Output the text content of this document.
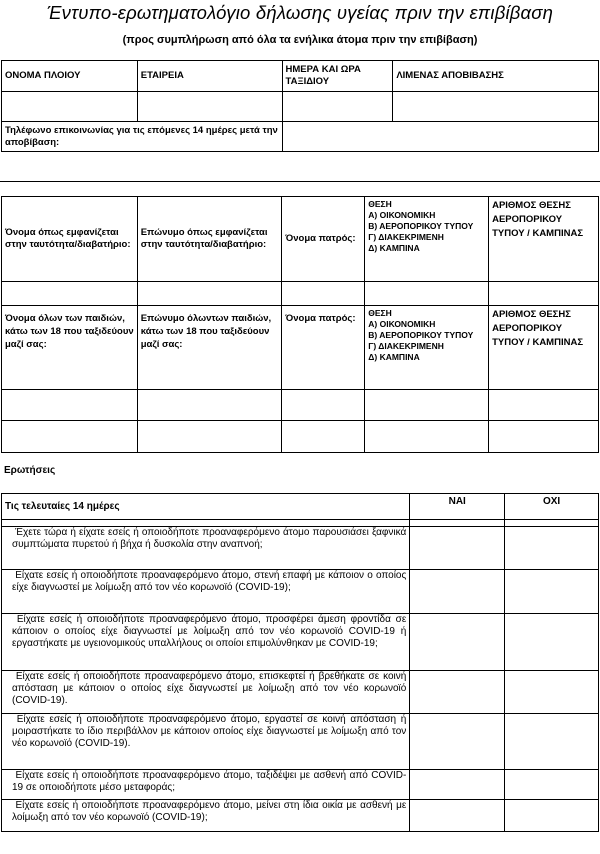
Έντυπο-ερωτηματολόγιο δήλωσης υγείας πριν την επιβίβαση
(προς συμπλήρωση από όλα τα ενήλικα άτομα πριν την επιβίβαση)
ΟΝΟΜΑ ΠΛΟΙΟΥ	ΕΤΑΙΡΕΙΑ	ΗΜΕΡΑ ΚΑΙ ΩΡΑ ΤΑΞΙΔΙΟΥ	ΛΙΜΕΝΑΣ ΑΠΟΒΙΒΑΣΗΣ

Τηλέφωνο επικοινωνίας για τις επόμενες 14 ημέρες μετά την αποβίβαση:			
Όνομα όπως εμφανίζεται στην ταυτότητα/διαβατήριο:	Επώνυμο όπως εμφανίζεται στην ταυτότητα/διαβατήριο:	Όνομα πατρός:	ΘΕΣΗ
Α) ΟΙΚΟΝΟΜΙΚΗ
Β) ΑΕΡΟΠΟΡΙΚΟΥ ΤΥΠΟΥ
Γ) ΔΙΑΚΕΚΡΙΜΕΝΗ
Δ) ΚΑΜΠΙΝΑ	ΑΡΙΘΜΟΣ ΘΕΣΗΣ ΑΕΡΟΠΟΡΙΚΟΥ ΤΥΠΟΥ / ΚΑΜΠΙΝΑΣ

Όνομα όλων των παιδιών, κάτω των 18 που ταξιδεύουν μαζί σας:	Επώνυμο όλωντων παιδιών, κάτω των 18 που ταξιδεύουν μαζί σας:	Όνομα πατρός:	ΘΕΣΗ
Α) ΟΙΚΟΝΟΜΙΚΗ
Β) ΑΕΡΟΠΟΡΙΚΟΥ ΤΥΠΟΥ
Γ) ΔΙΑΚΕΚΡΙΜΕΝΗ
Δ) ΚΑΜΠΙΝΑ	ΑΡΙΘΜΟΣ ΘΕΣΗΣ ΑΕΡΟΠΟΡΙΚΟΥ ΤΥΠΟΥ / ΚΑΜΠΙΝΑΣ

Ερωτήσεις
Τις τελευταίες 14 ημέρες	ΝΑΙ	ΟΧΙ

Έχετε τώρα ή είχατε εσείς ή οποιοδήποτε προαναφερόμενο άτομο παρουσιάσει ξαφνικά συμπτώματα πυρετού ή βήχα ή δυσκολία στην αναπνοή;		
Είχατε εσείς ή οποιοδήποτε προαναφερόμενο άτομο, στενή επαφή με κάποιον ο οποίος είχε διαγνωστεί με λοίμωξη από τον νέο κορωνοϊό (COVID-19);		
Είχατε εσείς ή οποιοδήποτε προαναφερόμενο άτομο, προσφέρει άμεση φροντίδα σε κάποιον ο οποίος είχε διαγνωστεί με λοίμωξη από τον νέο κορωνοϊό COVID-19 ή εργαστήκατε με υγειονομικούς υπαλλήλους οι οποίοι επιμολύνθηκαν με COVID-19;		
Είχατε εσείς ή οποιοδήποτε προαναφερόμενο άτομο, επισκεφτεί ή βρεθήκατε σε κοινή απόσταση με κάποιον ο οποίος είχε διαγνωστεί με λοίμωξη από τον νέο κορωνοϊό (COVID-19).		
Είχατε εσείς ή οποιοδήποτε προαναφερόμενο άτομο, εργαστεί σε κοινή απόσταση ή μοιραστήκατε το ίδιο περιβάλλον με κάποιον οποίος είχε διαγνωστεί με λοίμωξη από τον νέο κορωνοϊό (COVID-19).		
Είχατε εσείς ή οποιοδήποτε προαναφερόμενο άτομο, ταξιδέψει με ασθενή από COVID-19 σε οποιοδήποτε μέσο μεταφοράς;		
Είχατε εσείς ή οποιοδήποτε προαναφερόμενο άτομο, μείνει στη ίδια οικία με ασθενή με λοίμωξη από τον νέο κορωνοϊό (COVID-19);		
